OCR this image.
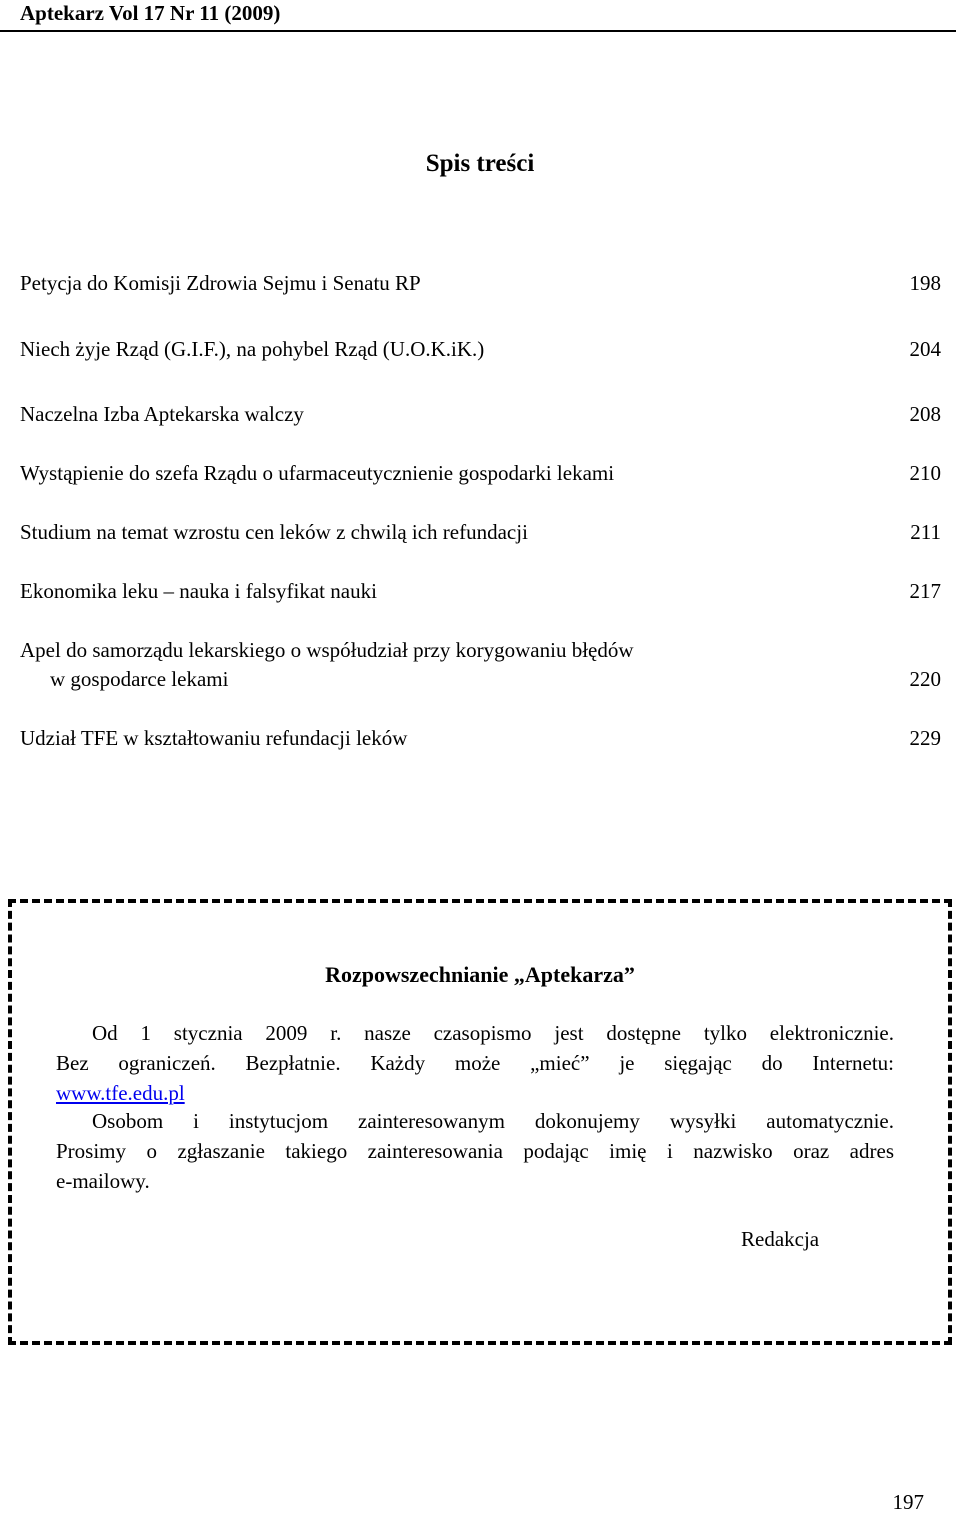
Aptekarz Vol 17 Nr 11 (2009)
Spis treści
Petycja do Komisji Zdrowia Sejmu i Senatu RP	198
Niech żyje Rząd (G.I.F.), na pohybel Rząd (U.O.K.iK.)	204
Naczelna Izba Aptekarska walczy	208
Wystąpienie do szefa Rządu o ufarmaceutycznienie gospodarki lekami	210
Studium na temat wzrostu cen leków z chwilą ich refundacji	211
Ekonomika leku – nauka i falsyfikat nauki	217
Apel do samorządu lekarskiego o współudział przy korygowaniu błędów
w gospodarce lekami	220
Udział TFE w kształtowaniu refundacji leków	229
Rozpowszechnianie „Aptekarza”
Od 1 stycznia 2009 r. nasze czasopismo jest dostępne tylko elektronicznie.
Bez ograniczeń. Bezpłatnie. Każdy może „mieć” je sięgając do Internetu:
www.tfe.edu.pl
Osobom i instytucjom zainteresowanym dokonujemy wysyłki automatycznie.
Prosimy o zgłaszanie takiego zainteresowania podając imię i nazwisko oraz adres
e-mailowy.
Redakcja
197
